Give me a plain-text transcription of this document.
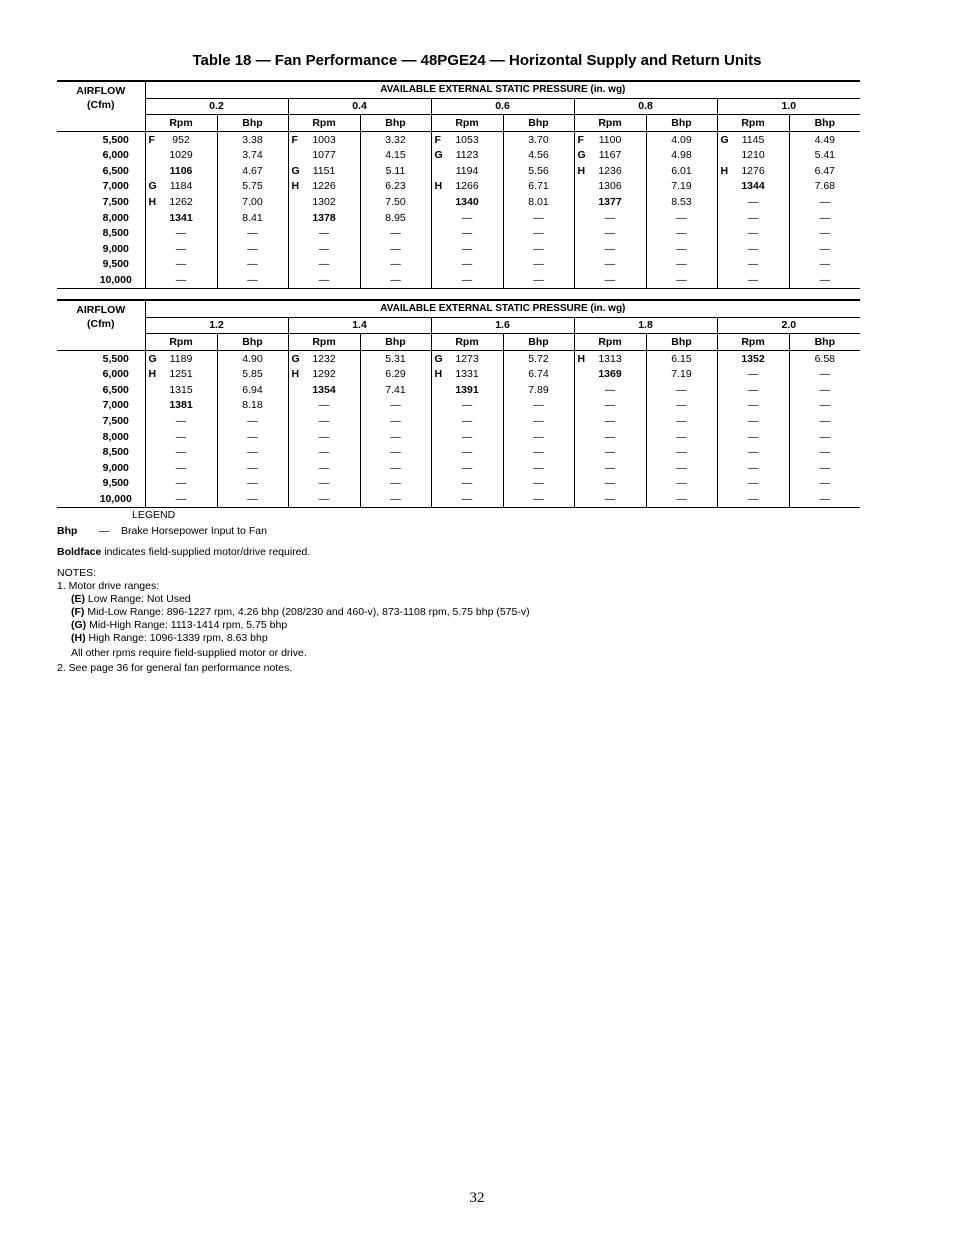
Table 18 — Fan Performance — 48PGE24 — Horizontal Supply and Return Units
AIRFLOW
(Cfm)	AVAILABLE EXTERNAL STATIC PRESSURE (in. wg)									
	0.2		0.4		0.6		0.8		1.0	
	Rpm	Bhp	Rpm	Bhp	Rpm	Bhp	Rpm	Bhp	Rpm	Bhp
5,500	F 952	3.38	F 1003	3.32	F 1053	3.70	F 1100	4.09	G 1145	4.49
6,000	1029	3.74	1077	4.15	G 1123	4.56	G 1167	4.98	1210	5.41
6,500	1106	4.67	G 1151	5.11	1194	5.56	H 1236	6.01	H 1276	6.47
7,000	G 1184	5.75	H 1226	6.23	H 1266	6.71	1306	7.19	1344	7.68
7,500	H 1262	7.00	1302	7.50	1340	8.01	1377	8.53	—	—
8,000	1341	8.41	1378	8.95	—	—	—	—	—	—
8,500	—	—	—	—	—	—	—	—	—	—
9,000	—	—	—	—	—	—	—	—	—	—
9,500	—	—	—	—	—	—	—	—	—	—
10,000	—	—	—	—	—	—	—	—	—	—
AIRFLOW
(Cfm)	AVAILABLE EXTERNAL STATIC PRESSURE (in. wg)									
	1.2		1.4		1.6		1.8		2.0	
	Rpm	Bhp	Rpm	Bhp	Rpm	Bhp	Rpm	Bhp	Rpm	Bhp
5,500	G 1189	4.90	G 1232	5.31	G 1273	5.72	H 1313	6.15	1352	6.58
6,000	H 1251	5.85	H 1292	6.29	H 1331	6.74	1369	7.19	—	—
6,500	1315	6.94	1354	7.41	1391	7.89	—	—	—	—
7,000	1381	8.18	—	—	—	—	—	—	—	—
7,500	—	—	—	—	—	—	—	—	—	—
8,000	—	—	—	—	—	—	—	—	—	—
8,500	—	—	—	—	—	—	—	—	—	—
9,000	—	—	—	—	—	—	—	—	—	—
9,500	—	—	—	—	—	—	—	—	—	—
10,000	—	—	—	—	—	—	—	—	—	—

LEGEND

Bhp — Brake Horsepower Input to Fan

Boldface indicates field-supplied motor/drive required.

NOTES:

1. Motor drive ranges:

(E) Low Range: Not Used

(F) Mid-Low Range: 896-1227 rpm, 4.26 bhp (208/230 and 460-v), 873-1108 rpm, 5.75 bhp (575-v)

(G) Mid-High Range: 1113-1414 rpm, 5.75 bhp

(H) High Range: 1096-1339 rpm, 8.63 bhp

All other rpms require field-supplied motor or drive.

2. See page 36 for general fan performance notes.

32
